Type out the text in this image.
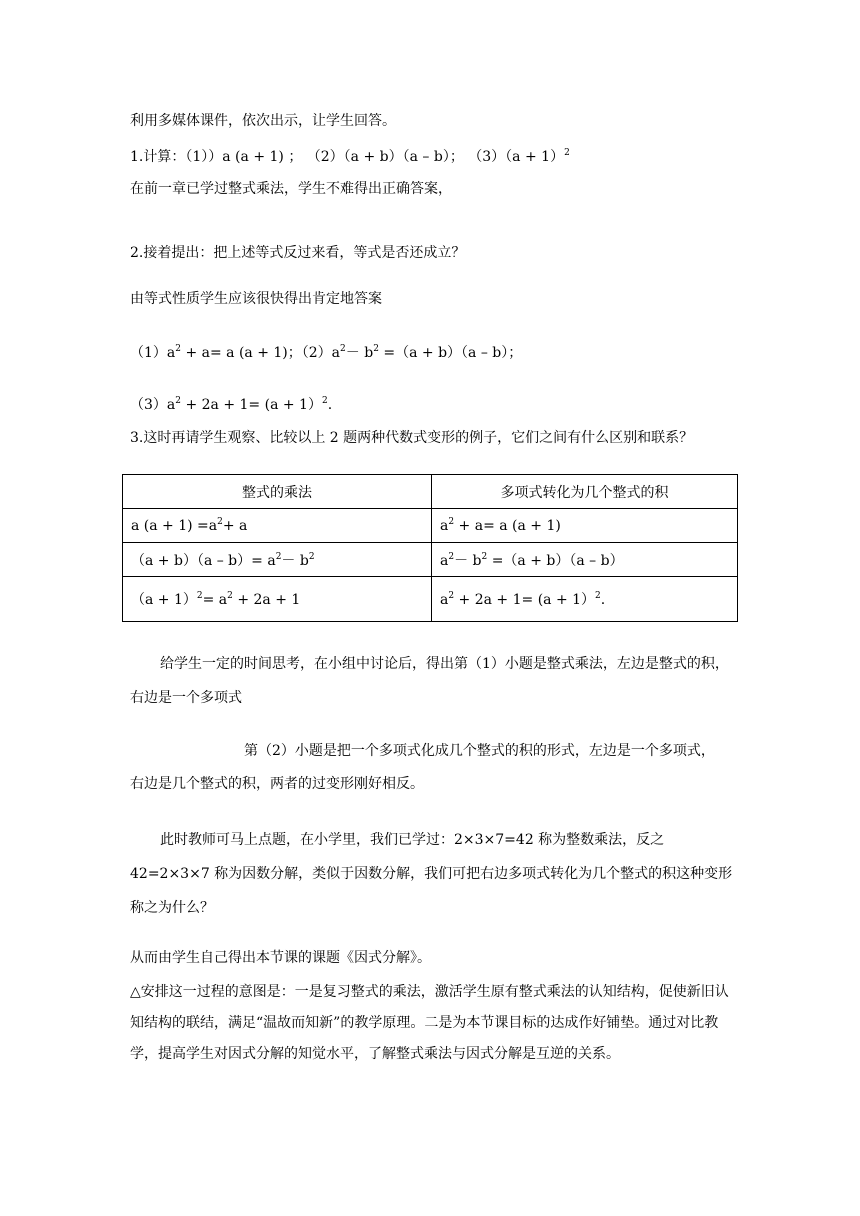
利用多媒体课件，依次出示，让学生回答。
1.计算：（1））a (a + 1) ； （2）（a + b）（a – b）； $(3)(a + 1)^2$
在前一章已学过整式乘法，学生不难得出正确答案，
2.接着提出：把上述等式反过来看，等式是否还成立？
由等式性质学生应该很快得出肯定地答案
$(1)a^2 + a= a$ (a + 1)；$(2)a^2- b^2 =(a + b)(a - b)$；
$(3)a^2 + 2a + 1= (a + 1)^2$.
3.这时再请学生观察、比较以上 2 题两种代数式变形的例子，它们之间有什么区别和联系？
整式的乘法	多项式转化为几个整式的积
a $(a + 1) =a^2+ a$	$a^2 + a= a$ (a + 1)
$(a + b)(a - b)= a^2- b^2$	$a^2- b^2 =(a + b)(a - b)$
$(a + 1)^2= a^2 + 2a + 1$	$a^2 + 2a + 1= (a + 1)^2$.
给学生一定的时间思考，在小组中讨论后，得出第（1）小题是整式乘法，左边是整式的积，右边是一个多项式
第（2）小题是把一个多项式化成几个整式的积的形式，左边是一个多项式，
右边是几个整式的积，两者的过变形刚好相反。
此时教师可马上点题，在小学里，我们已学过：2×3×7=42 称为整数乘法，反之 42=2×3×7 称为因数分解，类似于因数分解，我们可把右边多项式转化为几个整式的积这种变形称之为什么？
从而由学生自己得出本节课的课题《因式分解》。
△安排这一过程的意图是：一是复习整式的乘法，激活学生原有整式乘法的认知结构，促使新旧认知结构的联结，满足“温故而知新”的教学原理。二是为本节课目标的达成作好铺垫。通过对比教学，提高学生对因式分解的知觉水平，了解整式乘法与因式分解是互逆的关系。
